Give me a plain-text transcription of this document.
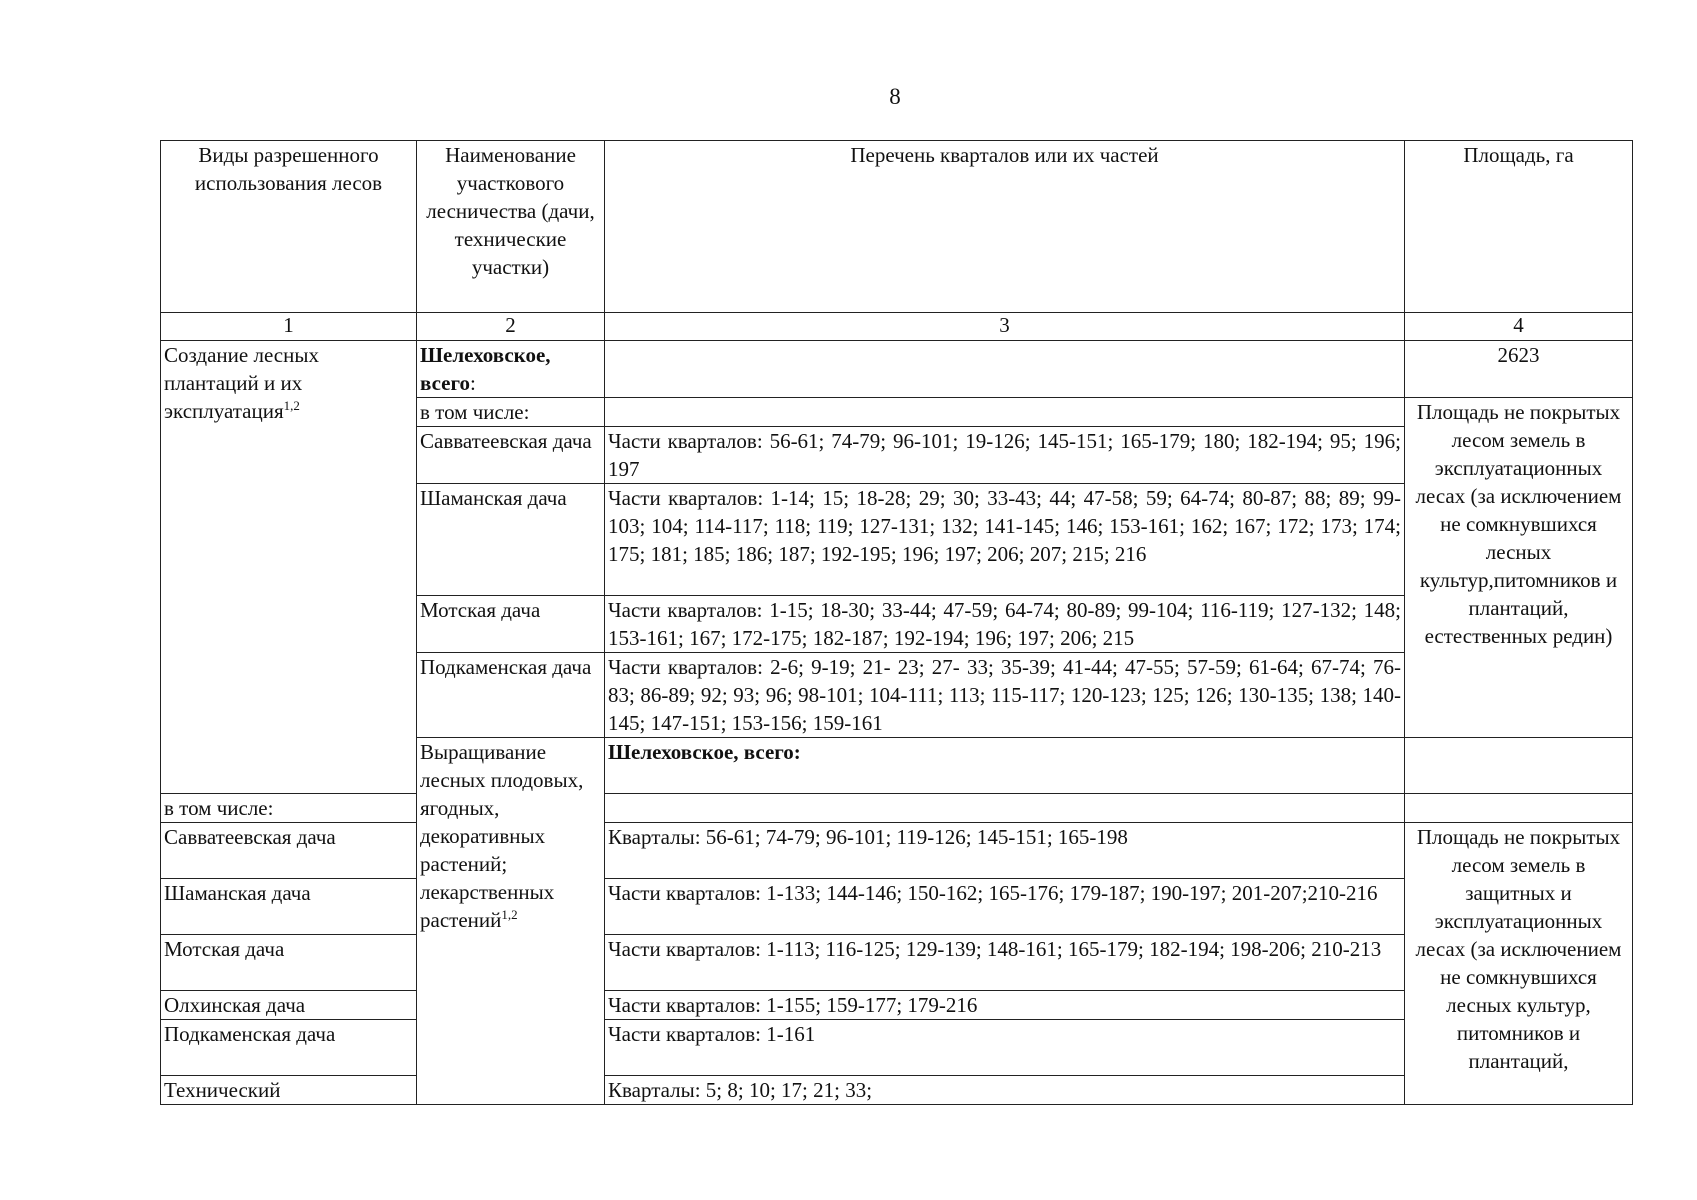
8
Виды разрешенного использования лесов	Наименование участкового лесничества (дачи, технические участки)	Перечень кварталов или их частей	Площадь, га	
1	2	3	4	
Создание лесных плантаций и их эксплуатация$^{1,2}$	Шелеховское, всего:		2623	
	в том числе:		Площадь не покрытых лесом земель в эксплуатационных лесах (за исключением не сомкнувшихся лесных культур,питомников и плантаций, естественных редин)	
	Савватеевская дача	Части кварталов: 56-61; 74-79; 96-101; 19-126; 145-151; 165-179; 180; 182-194; 95; 196; 197		
	Шаманская дача	Части кварталов: 1-14; 15; 18-28; 29; 30; 33-43; 44; 47-58; 59; 64-74; 80-87; 88; 89; 99-103; 104; 114-117; 118; 119; 127-131; 132; 141-145; 146; 153-161; 162; 167; 172; 173; 174; 175; 181; 185; 186; 187; 192-195; 196; 197; 206; 207; 215; 216		
	Мотская дача	Части кварталов: 1-15; 18-30; 33-44; 47-59; 64-74; 80-89; 99-104; 116-119; 127-132; 148; 153-161; 167; 172-175; 182-187; 192-194; 196; 197; 206; 215		
	Подкаменская дача	Части кварталов: 2-6; 9-19; 21- 23; 27- 33; 35-39; 41-44; 47-55; 57-59; 61-64; 67-74; 76- 83; 86-89; 92; 93; 96; 98-101; 104-111; 113; 115-117; 120-123; 125; 126; 130-135; 138; 140-145; 147-151; 153-156; 159-161		
	Выращивание лесных плодовых, ягодных, декоративных растений; лекарственных растений$^{1,2}$	Шелеховское, всего:		
в том числе:				
Савватеевская дача		Кварталы: 56-61; 74-79; 96-101; 119-126; 145-151; 165-198	Площадь не покрытых лесом земель в защитных и эксплуатационных лесах (за исключением не сомкнувшихся лесных культур, питомников и плантаций,	
Шаманская дача		Части кварталов: 1-133; 144-146; 150-162; 165-176; 179-187; 190-197; 201-207;210-216		
Мотская дача		Части кварталов: 1-113; 116-125; 129-139; 148-161; 165-179; 182-194; 198-206; 210-213		
Олхинская дача		Части кварталов: 1-155; 159-177; 179-216		
Подкаменская дача		Части кварталов: 1-161		
Технический		Кварталы: 5; 8; 10; 17; 21; 33;		
